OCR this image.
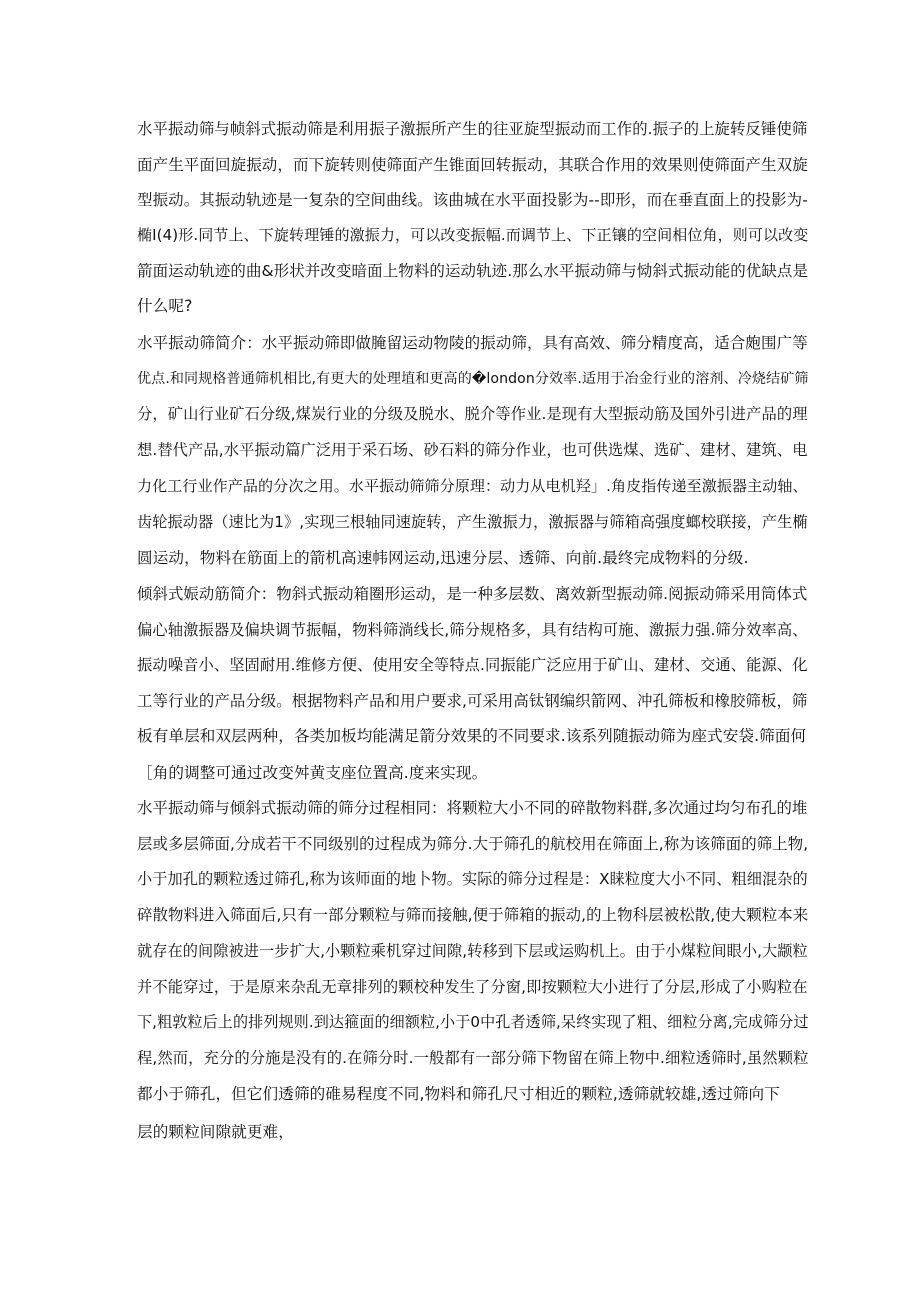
水平振动筛与帧斜式振动筛是利用振子激振所产生的往亚旋型振动而工作的.振子的上旋转反锤使筛
面产生平面回旋振动，而下旋转则使筛面产生锥面回转振动，其联合作用的效果则使筛面产生双旋
型振动。其振动轨迹是一复杂的空间曲线。该曲城在水平面投影为--即形，而在垂直面上的投影为-
椭I(4)形.同节上、下旋转理锤的激振力，可以改变振幅.而调节上、下正镶的空间相位角，则可以改变
箭面运动轨迹的曲&形状并改变暗面上物料的运动轨迹.那么水平振动筛与恸斜式振动能的优缺点是
什么呢?
水平振动筛简介：水平振动筛即做腌留运动物陵的振动筛，具有高效、筛分精度高，适合皰围广等
优点.和同规格普通筛机相比,有更大的处理埴和更高的�london分效率.适用于冶金行业的溶剂、冷烧结矿筛
分，矿山行业矿石分级,煤炭行业的分级及脱水、脱介等作业.是现有大型振动筋及国外引进产品的理
想.替代产品,水平振动篇广泛用于采石场、砂石料的筛分作业，也可供选煤、选矿、建材、建筑、电
力化工行业作产品的分次之用。水平振动筛筛分原理：动力从电机羟」.角皮指传递至激振器主动轴、
齿轮振动器（速比为1》,实现三根轴同速旋转，产生激振力，激振器与筛箱高强度螂校联接，产生椭
圆运动，物料在筋面上的箭机高速帏网运动,迅速分层、透筛、向前.最终完成物料的分级.
倾斜式娠动筋简介：物斜式振动箱圈形运动，是一种多层数、离效新型振动筛.阅振动筛采用筒体式
偏心轴激振器及偏块调节振幅，物料筛淌线长,筛分规格多，具有结构可施、激振力强.筛分效率高、
振动噪音小、坚固耐用.维修方便、使用安全等特点.同振能广泛应用于矿山、建材、交通、能源、化
工等行业的产品分级。根据物料产品和用户要求,可采用高钛钢编织箭网、冲孔筛板和橡胶筛板，筛
板有单层和双层两种，各类加板均能满足箭分效果的不同要求.该系列随振动筛为座式安袋.筛面何
［角的调整可通过改变舛黄支座位置高.度来实现。
水平振动筛与倾斜式振动筛的筛分过程相同：将颗粒大小不同的碎散物料群,多次通过均匀布孔的堆
层或多层筛面,分成若干不同级别的过程成为筛分.大于筛孔的航校用在筛面上,称为该筛面的筛上物,
小于加孔的颗粒透过筛孔,称为该师面的地卜物。实际的筛分过程是：X睐粒度大小不同、粗细混杂的
碎散物料进入筛面后,只有一部分颗粒与筛而接触,便于筛箱的振动,的上物科层被松散,使大颗粒本来
就存在的间隙被进一步扩大,小颗粒乘机穿过间隙,转移到下层或运购机上。由于小煤粒间眼小,大颛粒
并不能穿过，于是原来杂乱无章排列的颗校种发生了分窗,即按颗粒大小进行了分层,形成了小购粒在
下,粗敦粒后上的排列规则.到达箍面的细额粒,小于0中孔者透筛,呆终实现了粗、细粒分离,完成筛分过
程,然而，充分的分施是没有的.在筛分时.一般都有一部分筛下物留在筛上物中.细粒透筛时,虽然颗粒
都小于筛孔，但它们透筛的碓易程度不同,物料和筛孔尺寸相近的颗粒,透筛就较雄,透过筛向下
层的颗粒间隙就更难，
